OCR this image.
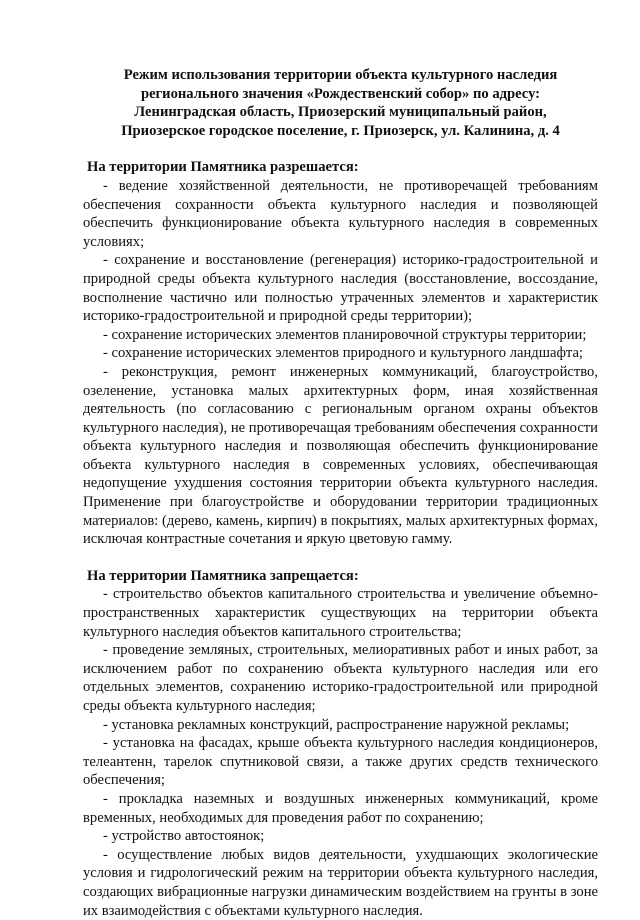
Режим использования территории объекта культурного наследия
регионального значения «Рождественский собор» по адресу:
Ленинградская область, Приозерский муниципальный район,
Приозерское городское поселение, г. Приозерск, ул. Калинина, д. 4

На территории Памятника разрешается:

- ведение хозяйственной деятельности, не противоречащей требованиям обеспечения сохранности объекта культурного наследия и позволяющей обеспечить функционирование объекта культурного наследия в современных условиях;

- сохранение и восстановление (регенерация) историко-градостроительной и природной среды объекта культурного наследия (восстановление, воссоздание, восполнение частично или полностью утраченных элементов и характеристик историко-градостроительной и природной среды территории);

- сохранение исторических элементов планировочной структуры территории;

- сохранение исторических элементов природного и культурного ландшафта;

- реконструкция, ремонт инженерных коммуникаций, благоустройство, озеленение, установка малых архитектурных форм, иная хозяйственная деятельность (по согласованию с региональным органом охраны объектов культурного наследия), не противоречащая требованиям обеспечения сохранности объекта культурного наследия и позволяющая обеспечить функционирование объекта культурного наследия в современных условиях, обеспечивающая недопущение ухудшения состояния территории объекта культурного наследия. Применение при благоустройстве и оборудовании территории традиционных материалов: (дерево, камень, кирпич) в покрытиях, малых архитектурных формах, исключая контрастные сочетания и яркую цветовую гамму.

На территории Памятника запрещается:

- строительство объектов капитального строительства и увеличение объемно-пространственных характеристик существующих на территории объекта культурного наследия объектов капитального строительства;

- проведение земляных, строительных, мелиоративных работ и иных работ, за исключением работ по сохранению объекта культурного наследия или его отдельных элементов, сохранению историко-градостроительной или природной среды объекта культурного наследия;

- установка рекламных конструкций, распространение наружной рекламы;

- установка на фасадах, крыше объекта культурного наследия кондиционеров, телеантенн, тарелок спутниковой связи, а также других средств технического обеспечения;

- прокладка наземных и воздушных инженерных коммуникаций, кроме временных, необходимых для проведения работ по сохранению;

- устройство автостоянок;

- осуществление любых видов деятельности, ухудшающих экологические условия и гидрологический режим на территории объекта культурного наследия, создающих вибрационные нагрузки динамическим воздействием на грунты в зоне их взаимодействия с объектами культурного наследия.
